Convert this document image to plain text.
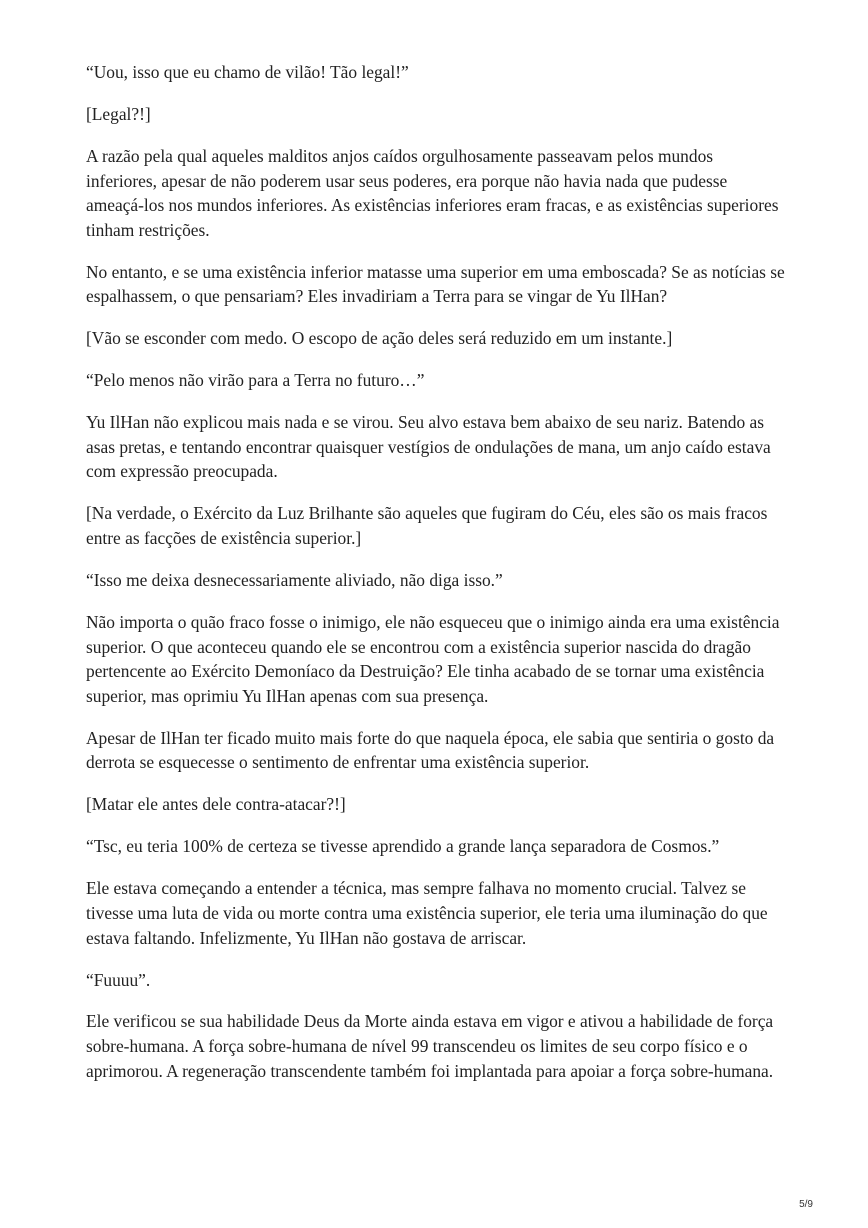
“Uou, isso que eu chamo de vilão! Tão legal!”

[Legal?!]

A razão pela qual aqueles malditos anjos caídos orgulhosamente passeavam pelos mundos inferiores, apesar de não poderem usar seus poderes, era porque não havia nada que pudesse ameaçá-los nos mundos inferiores. As existências inferiores eram fracas, e as existências superiores tinham restrições.

No entanto, e se uma existência inferior matasse uma superior em uma emboscada? Se as notícias se espalhassem, o que pensariam? Eles invadiriam a Terra para se vingar de Yu IlHan?

[Vão se esconder com medo. O escopo de ação deles será reduzido em um instante.]

“Pelo menos não virão para a Terra no futuro…”

Yu IlHan não explicou mais nada e se virou. Seu alvo estava bem abaixo de seu nariz. Batendo as asas pretas, e tentando encontrar quaisquer vestígios de ondulações de mana, um anjo caído estava com expressão preocupada.

[Na verdade, o Exército da Luz Brilhante são aqueles que fugiram do Céu, eles são os mais fracos entre as facções de existência superior.]

“Isso me deixa desnecessariamente aliviado, não diga isso.”

Não importa o quão fraco fosse o inimigo, ele não esqueceu que o inimigo ainda era uma existência superior. O que aconteceu quando ele se encontrou com a existência superior nascida do dragão pertencente ao Exército Demoníaco da Destruição? Ele tinha acabado de se tornar uma existência superior, mas oprimiu Yu IlHan apenas com sua presença.

Apesar de IlHan ter ficado muito mais forte do que naquela época, ele sabia que sentiria o gosto da derrota se esquecesse o sentimento de enfrentar uma existência superior.

[Matar ele antes dele contra-atacar?!]

“Tsc, eu teria 100% de certeza se tivesse aprendido a grande lança separadora de Cosmos.”

Ele estava começando a entender a técnica, mas sempre falhava no momento crucial. Talvez se tivesse uma luta de vida ou morte contra uma existência superior, ele teria uma iluminação do que estava faltando. Infelizmente, Yu IlHan não gostava de arriscar.

“Fuuuu”.

Ele verificou se sua habilidade Deus da Morte ainda estava em vigor e ativou a habilidade de força sobre-humana. A força sobre-humana de nível 99 transcendeu os limites de seu corpo físico e o aprimorou. A regeneração transcendente também foi implantada para apoiar a força sobre-humana.

5/9
